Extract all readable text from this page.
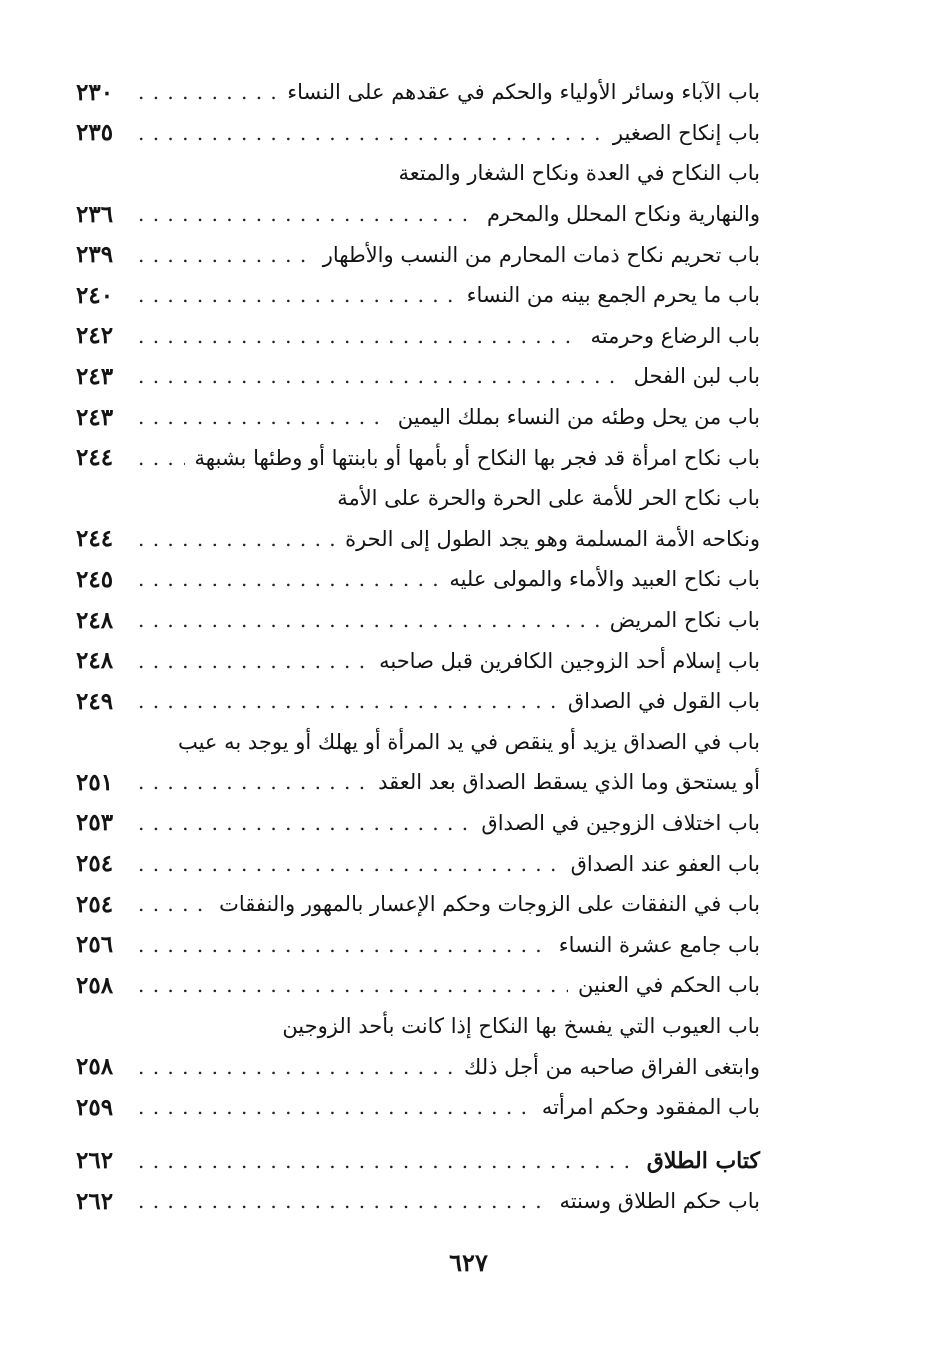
٢٣٠ . . .	باب الآباء وسائر الأولياء والحكم في عقدهم على النساء
٢٣٥ . . .	باب إنكاح الصغير
باب النكاح في العدة ونكاح الشغار والمتعة
٢٣٦ . . .	والنهارية ونكاح المحلل والمحرم
٢٣٩ . . .	باب تحريم نكاح ذمات المحارم من النسب والأطهار
٢٤٠ . . .	باب ما يحرم الجمع بينه من النساء
٢٤٢ . . .	باب الرضاع وحرمته
٢٤٣ . . .	باب لبن الفحل
٢٤٣ . . .	باب من يحل وطئه من النساء بملك اليمين
٢٤٤ . . .	باب نكاح امرأة قد فجر بها النكاح أو بأمها أو بابنتها أو وطئها بشبهة
باب نكاح الحر للأمة على الحرة والحرة على الأمة
٢٤٤ . . .	ونكاحه الأمة المسلمة وهو يجد الطول إلى الحرة
٢٤٥ . . .	باب نكاح العبيد والأماء والمولى عليه
٢٤٨ . . .	باب نكاح المريض
٢٤٨ . . .	باب إسلام أحد الزوجين الكافرين قبل صاحبه
٢٤٩ . . .	باب القول في الصداق
باب في الصداق يزيد أو ينقص في يد المرأة أو يهلك أو يوجد به عيب
٢٥١ . . .	أو يستحق وما الذي يسقط الصداق بعد العقد
٢٥٣ . . .	باب اختلاف الزوجين في الصداق
٢٥٤ . . .	باب العفو عند الصداق
٢٥٤ . . .	باب في النفقات على الزوجات وحكم الإعسار بالمهور والنفقات
٢٥٦ . . .	باب جامع عشرة النساء
٢٥٨ . . .	باب الحكم في العنين
باب العيوب التي يفسخ بها النكاح إذا كانت بأحد الزوجين
٢٥٨ . . .	وابتغى الفراق صاحبه من أجل ذلك
٢٥٩ . . .	باب المفقود وحكم امرأته
٢٦٢ . . .	كتاب الطلاق
٢٦٢ . . .	باب حكم الطلاق وسنته
٦٢٧
